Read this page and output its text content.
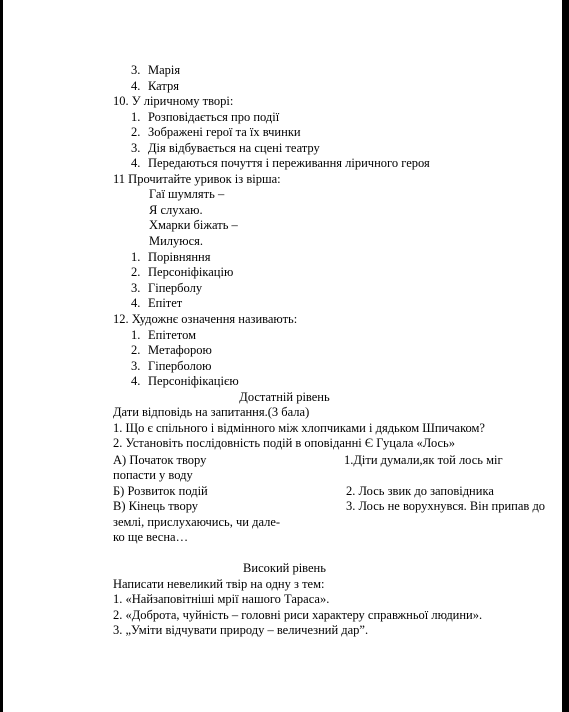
3. Марія
4. Катря
10. У ліричному творі:
1. Розповідається про події
2. Зображені герої та їх вчинки
3. Дія відбувається на сцені театру
4. Передаються почуття і переживання ліричного героя
11 Прочитайте уривок із вірша:
Гаї шумлять –
Я слухаю.
Хмарки біжать –
Милуюся.
1. Порівняння
2. Персоніфікацію
3. Гіперболу
4. Епітет
12. Художнє означення називають:
1. Епітетом
2. Метафорою
3. Гіперболою
4. Персоніфікацією
Достатній рівень
Дати відповідь на запитання.(3 бала)
1. Що є спільного і відмінного між хлопчиками і дядьком Шпичаком?
2. Установіть послідовність подій в оповіданні Є Гуцала «Лось»
А) Початок твору	1.Діти думали,як той лось міг
попасти у воду
Б) Розвиток подій	2. Лось звик до заповідника
В) Кінець твору	3. Лось не ворухнувся. Він припав до
землі, прислухаючись, чи дале-
ко ще весна…
Високий рівень
Написати невеликий твір на одну з тем:
1. «Найзаповітніші мрії нашого Тараса».
2. «Доброта, чуйність – головні риси характеру справжньої людини».
3. „Уміти відчувати природу – величезний дар”.
